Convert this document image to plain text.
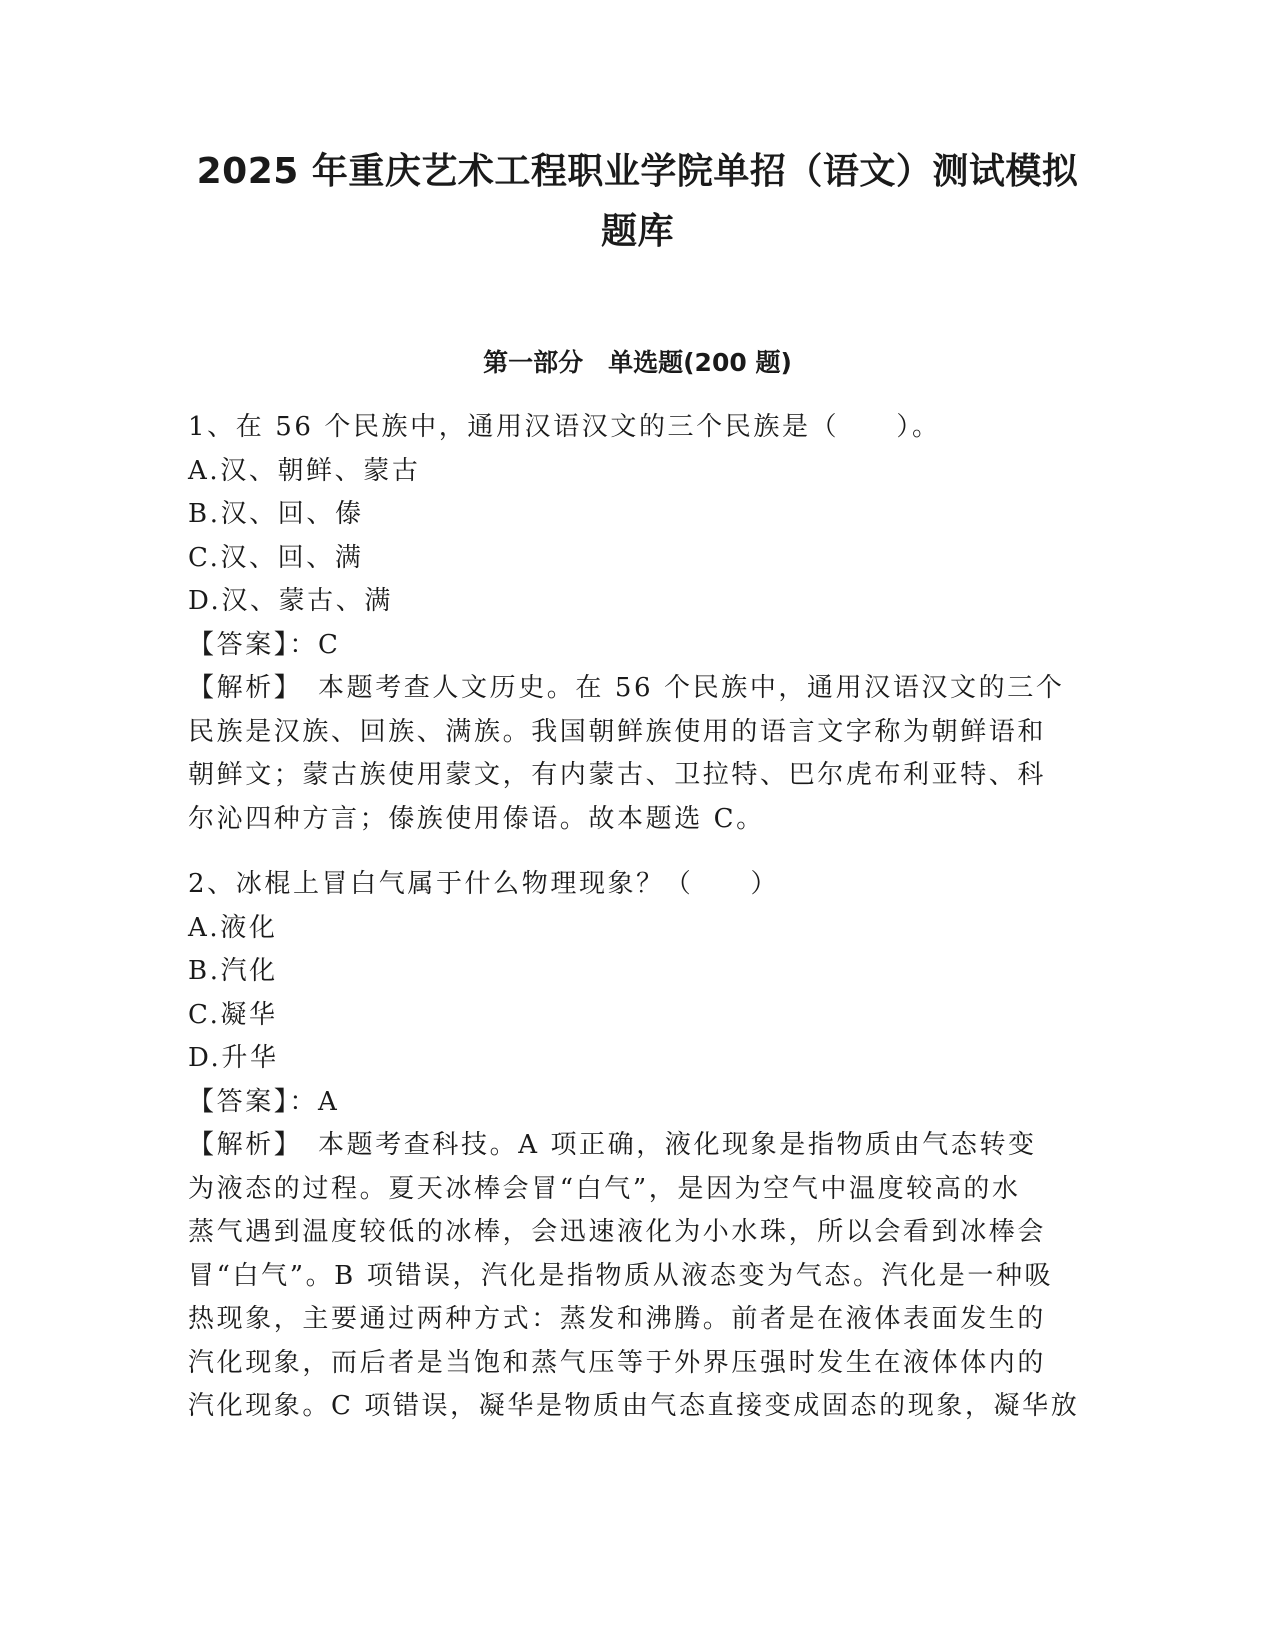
2025 年重庆艺术工程职业学院单招（语文）测试模拟
题库
第一部分　单选题(200 题)
1、在 56 个民族中，通用汉语汉文的三个民族是（　　）。
A.汉、朝鲜、蒙古
B.汉、回、傣
C.汉、回、满
D.汉、蒙古、满
【答案】：C
【解析】　本题考查人文历史。在 56 个民族中，通用汉语汉文的三个
民族是汉族、回族、满族。我国朝鲜族使用的语言文字称为朝鲜语和
朝鲜文；蒙古族使用蒙文，有内蒙古、卫拉特、巴尔虎布利亚特、科
尔沁四种方言；傣族使用傣语。故本题选 C。
2、冰棍上冒白气属于什么物理现象？（　　）
A.液化
B.汽化
C.凝华
D.升华
【答案】：A
【解析】　本题考查科技。A 项正确，液化现象是指物质由气态转变
为液态的过程。夏天冰棒会冒“白气”，是因为空气中温度较高的水
蒸气遇到温度较低的冰棒，会迅速液化为小水珠，所以会看到冰棒会
冒“白气”。B 项错误，汽化是指物质从液态变为气态。汽化是一种吸
热现象，主要通过两种方式：蒸发和沸腾。前者是在液体表面发生的
汽化现象，而后者是当饱和蒸气压等于外界压强时发生在液体体内的
汽化现象。C 项错误，凝华是物质由气态直接变成固态的现象，凝华放
